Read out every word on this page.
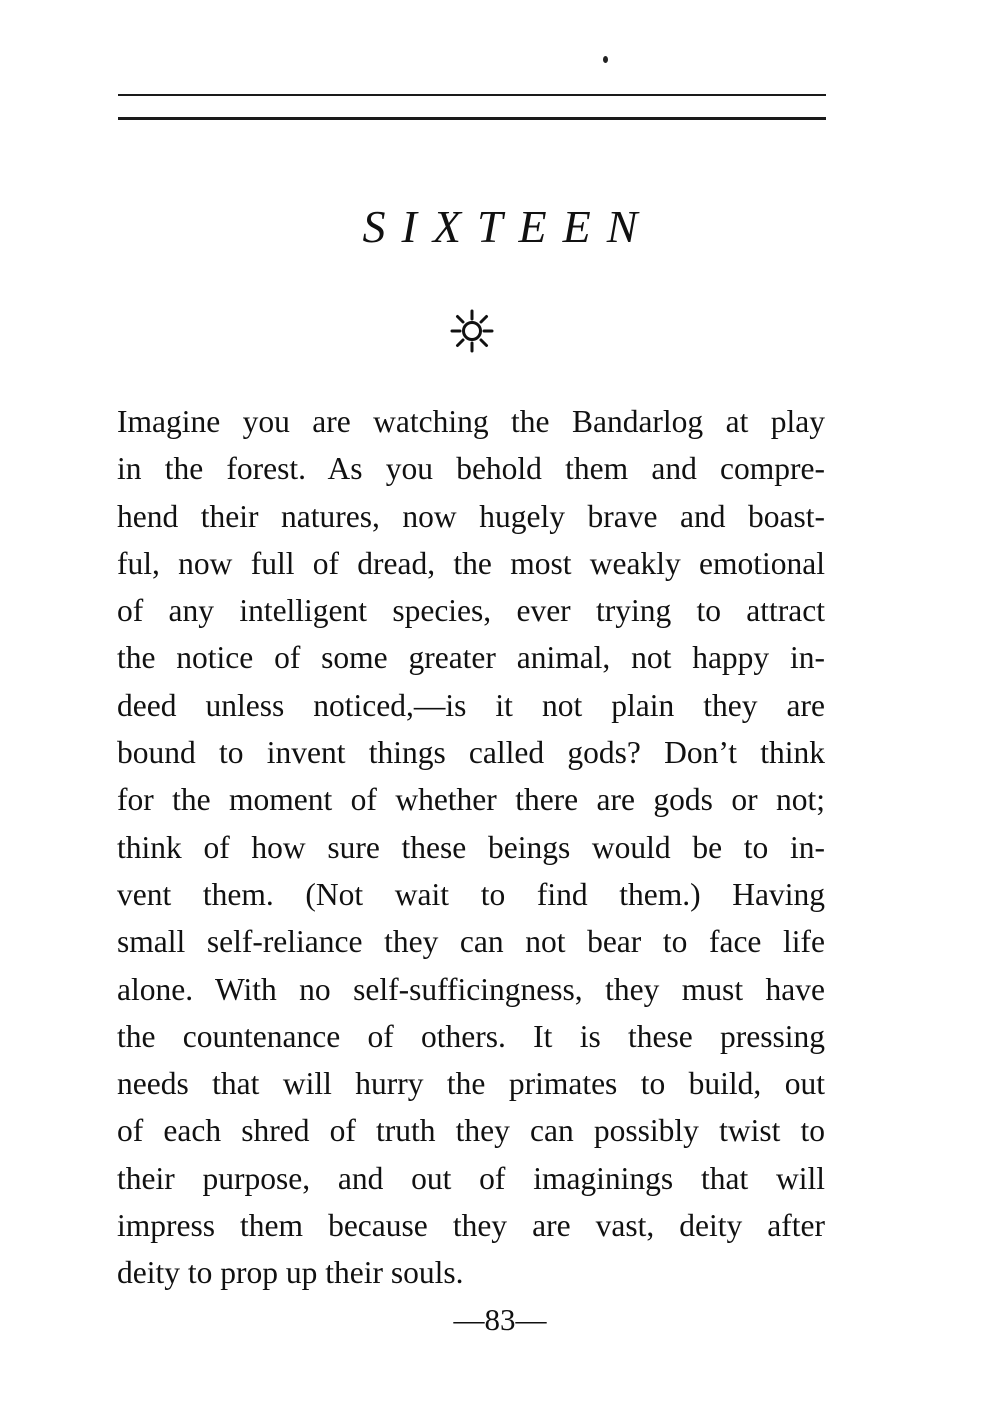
SIXTEEN
Imagine you are watching the Bandarlog at play
in the forest. As you behold them and compre-
hend their natures, now hugely brave and boast-
ful, now full of dread, the most weakly emotional
of any intelligent species, ever trying to attract
the notice of some greater animal, not happy in-
deed unless noticed,—is it not plain they are
bound to invent things called gods? Don’t think
for the moment of whether there are gods or not;
think of how sure these beings would be to in-
vent them. (Not wait to find them.) Having
small self-reliance they can not bear to face life
alone. With no self-sufficingness, they must have
the countenance of others. It is these pressing
needs that will hurry the primates to build, out
of each shred of truth they can possibly twist to
their purpose, and out of imaginings that will
impress them because they are vast, deity after
deity to prop up their souls.
—83—
